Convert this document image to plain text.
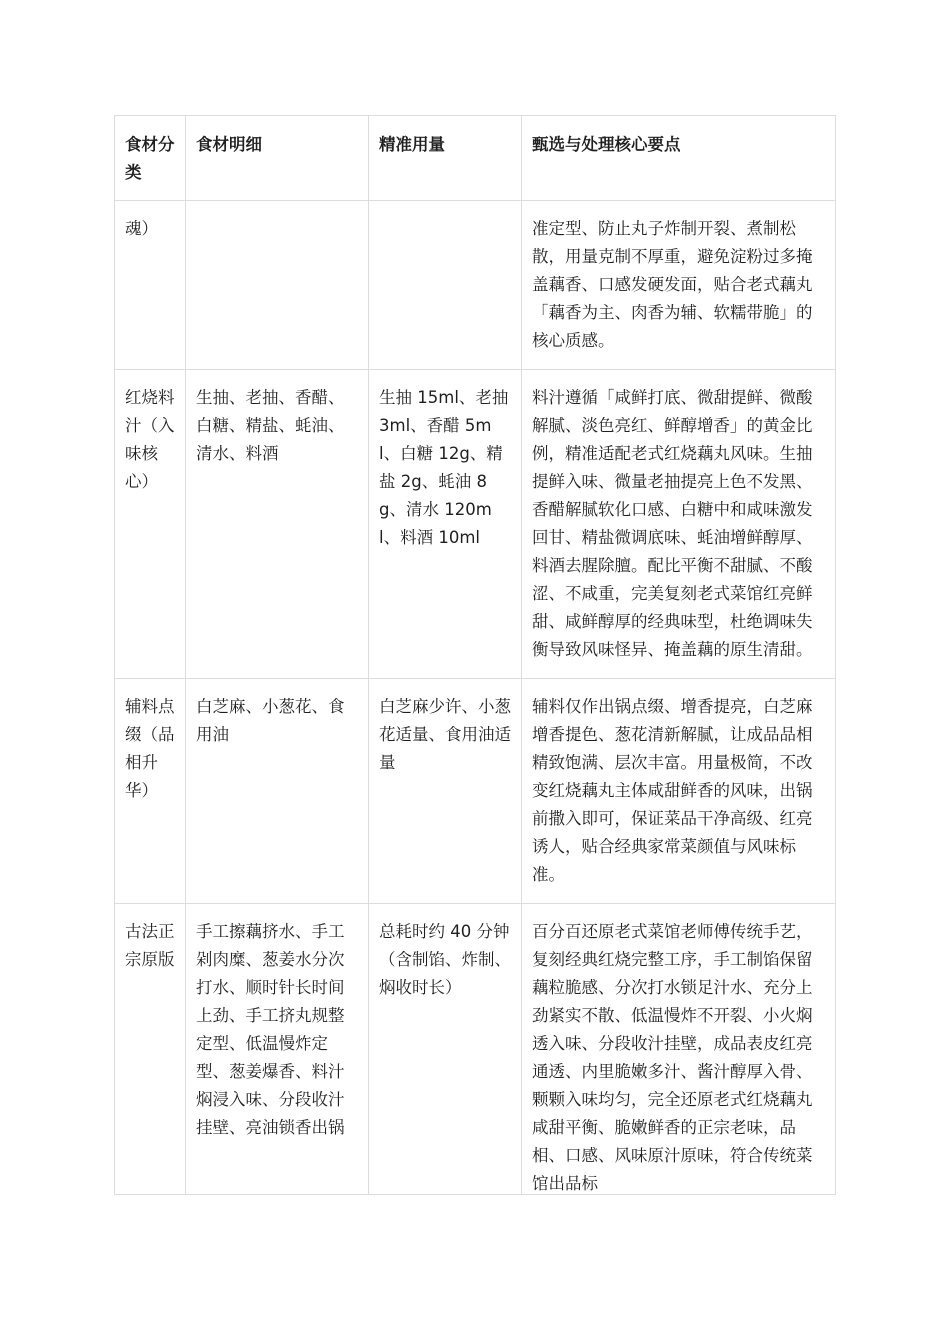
食材分类	食材明细	精准用量	甄选与处理核心要点
魂）			准定型、防止丸子炸制开裂、煮制松散，用量克制不厚重，避免淀粉过多掩盖藕香、口感发硬发面，贴合老式藕丸「藕香为主、肉香为辅、软糯带脆」的核心质感。
红烧料汁（入味核心）	生抽、老抽、香醋、白糖、精盐、蚝油、清水、料酒	生抽 15ml、老抽 3ml、香醋 5ml、白糖 12g、精盐 2g、蚝油 8g、清水 120ml、料酒 10ml	料汁遵循「咸鲜打底、微甜提鲜、微酸解腻、淡色亮红、鲜醇增香」的黄金比例，精准适配老式红烧藕丸风味。生抽提鲜入味、微量老抽提亮上色不发黑、香醋解腻软化口感、白糖中和咸味激发回甘、精盐微调底味、蚝油增鲜醇厚、料酒去腥除膻。配比平衡不甜腻、不酸涩、不咸重，完美复刻老式菜馆红亮鲜甜、咸鲜醇厚的经典味型，杜绝调味失衡导致风味怪异、掩盖藕的原生清甜。
辅料点缀（品相升华）	白芝麻、小葱花、食用油	白芝麻少许、小葱花适量、食用油适量	辅料仅作出锅点缀、增香提亮，白芝麻增香提色、葱花清新解腻，让成品品相精致饱满、层次丰富。用量极简，不改变红烧藕丸主体咸甜鲜香的风味，出锅前撒入即可，保证菜品干净高级、红亮诱人，贴合经典家常菜颜值与风味标准。

古法正宗原版	手工擦藕挤水、手工剁肉糜、葱姜水分次打水、顺时针长时间上劲、手工挤丸规整定型、低温慢炸定型、葱姜爆香、料汁焖浸入味、分段收汁挂壁、亮油锁香出锅	总耗时约 40 分钟（含制馅、炸制、焖收时长）	百分百还原老式菜馆老师傅传统手艺，复刻经典红烧完整工序，手工制馅保留藕粒脆感、分次打水锁足汁水、充分上劲紧实不散、低温慢炸不开裂、小火焖透入味、分段收汁挂壁，成品表皮红亮通透、内里脆嫩多汁、酱汁醇厚入骨、颗颗入味均匀，完全还原老式红烧藕丸咸甜平衡、脆嫩鲜香的正宗老味，品相、口感、风味原汁原味，符合传统菜馆出品标
